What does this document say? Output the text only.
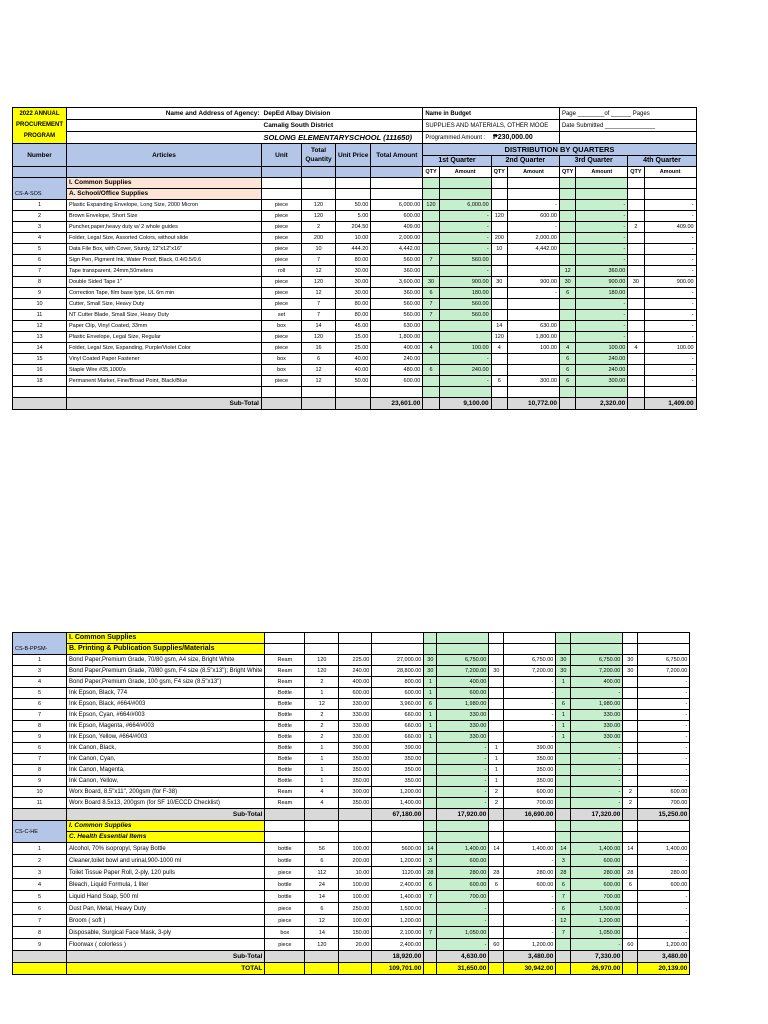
2022 ANNUAL
PROCUREMENT
PROGRAM	Name and Address of Agency:	DepEd Albay Division				Name in Budget				Page ________of ______ Pages			
		Camalig South District				SUPPLIES AND MATERIALS, OTHER MOOE				Date Submitted _______________			
		SOLONG ELEMENTARYSCHOOL (111650)				Programmed Amount : ₱230,000.00							
Number	Articles	Unit	Total Quantity	Unit Price	Total Amount	DISTRIBUTION BY QUARTERS							
						1st Quarter		2nd Quarter		3rd Quarter		4th Quarter	
						QTY	Amount	QTY	Amount	QTY	Amount	QTY	Amount
CS-A-SOS	I. Common Supplies												
	A. School/Office Supplies												
1	Plastic Expanding Envelope, Long Size, 2000 Micron	piece	120	50.00	6,000.00	120	6,000.00		-		-		-
2	Brown Envelope, Short Size	piece	120	5.00	600.00		-	120	600.00		-		-
3	Puncher,paper,heavy duty w/ 2 whole guides	piece	2	204.50	409.00		-		-		-	2	409.00
4	Folder, Legal Size, Assorted Colors, without slide	piece	200	10.00	2,000.00		-	200	2,000.00		-		-
5	Data File Box, with Cover, Sturdy, 12"x12"x16"	piece	10	444.20	4,442.00		-	10	4,442.00		-		-
6	Sign Pen, Pigment Ink, Water Proof, Black, 0.4/0.5/0.6	piece	7	80.00	560.00	7	560.00				-		-
7	Tape transparent, 24mm,50meters	roll	12	30.00	360.00		-			12	360.00		-
8	Double Sided Tape 1"	piece	120	30.00	3,600.00	30	900.00	30	900.00	30	900.00	30	900.00
9	Correction Tape, film base type, UL 6m min	piece	12	30.00	360.00	6	180.00		-	6	180.00		-
10	Cutter, Small Size, Heavy Duty	piece	7	80.00	560.00	7	560.00				-		-
11	NT Cutter Blade, Small Size, Heavy Duty	set	7	80.00	560.00	7	560.00				-		-
12	Paper Clip, Vinyl Coated, 33mm	box	14	45.00	630.00			14	630.00		-		-
13	Plastic Envelope, Legal Size, Regular	piece	120	15.00	1,800.00			120	1,800.00		-		-
14	Folder, Legal Size, Expanding, Purple/Violet Color	piece	16	25.00	400.00	4	100.00	4	100.00	4	100.00	4	100.00
15	Vinyl Coated Paper Fastener	box	6	40.00	240.00		-			6	240.00		-
16	Staple Wire #35,1000's	box	12	40.00	480.00	6	240.00			6	240.00		-
18	Permanent Marker, Fine/Broad Point, Black/Blue	piece	12	50.00	600.00		-	6	300.00	6	300.00		-

	Sub-Total				23,601.00		9,100.00		10,772.00		2,320.00		1,409.00
CS-B-PPSM-	I. Common Supplies												
	B. Printing & Publication Supplies/Materials												
1	Bond Paper,Premium Grade, 70/80 gsm, A4 size, Bright White	Ream	120	225.00	27,000.00	30	6,750.00		6,750.00	30	6,750.00	30	6,750.00
3	Bond Paper,Premium Grade, 70/80 gsm, F4 size (8.5"x13"); Bright White	Ream	120	240.00	28,800.00	30	7,200.00	30	7,200.00	30	7,200.00	30	7,200.00
4	Bond Paper,Premium Grade, 100 gsm, F4 size (8.5"x13")	Ream	2	400.00	800.00	1	400.00		-	1	400.00		-
5	Ink Epson, Black, 774	Bottle	1	600.00	600.00	1	600.00		-		-		-
6	Ink Epson, Black, #664/#003	Bottle	12	330.00	3,960.00	6	1,980.00		-	6	1,980.00		-
7	Ink Epson, Cyan, #664/#003	Bottle	2	330.00	660.00	1	330.00		-	1	330.00		-
8	Ink Epson, Magenta, #664/#003	Bottle	2	330.00	660.00	1	330.00		-	1	330.00		-
9	Ink Epson, Yellow, #664/#003	Bottle	2	330.00	660.00	1	330.00		-	1	330.00		-
6	Ink Canon, Black,	Bottle	1	390.00	390.00		-	1	390.00		-		-
7	Ink Canon, Cyan,	Bottle	1	350.00	350.00		-	1	350.00		-		-
8	Ink Canon, Magenta,	Bottle	1	350.00	350.00		-	1	350.00		-		-
9	Ink Canon, Yellow,	Bottle	1	350.00	350.00		-	1	350.00		-		-
10	Worx Board, 8.5"x11", 200gsm (for F-38)	Ream	4	300.00	1,200.00		-	2	600.00		-	2	600.00
11	Worx Board 8.5x13, 200gsm (for SF 10/ECCD Checklist)	Ream	4	350.00	1,400.00		-	2	700.00		-	2	700.00
	Sub-Total				67,180.00		17,920.00		16,690.00		17,320.00		15,250.00
CS-C-HE	I. Common Supplies												
	C. Health Essential Items												
1	Alcohol, 70% isopropyl, Spray Bottle	bottle	56	100.00	5600.00	14	1,400.00	14	1,400.00	14	1,400.00	14	1,400.00
2	Cleaner,toilet bowl and urinal,900-1000 ml	bottle	6	200.00	1,200.00	3	600.00		-	3	600.00		-
3	Toilet Tissue Paper Roll, 2-ply, 120 pulls	piece	112	10.00	1120.00	28	280.00	28	280.00	28	280.00	28	280.00
4	Bleach, Liquid Formula, 1 liter	bottle	24	100.00	2,400.00	6	600.00	6	600.00	6	600.00	6	600.00
5	Liquid Hand Soap, 500 ml	bottle	14	100.00	1,400.00	7	700.00		-	7	700.00		-
6	Dust Pan, Metal, Heavy Duty	piece	6	250.00	1,500.00		-		-	6	1,500.00		-
7	Broom ( soft )	piece	12	100.00	1,200.00		-		-	12	1,200.00		-
8	Disposable, Surgical Face Mask, 3-ply	box	14	150.00	2,100.00	7	1,050.00		-	7	1,050.00		-
9	Floorwax ( colorless )	piece	120	20.00	2,400.00		-	60	1,200.00		-	60	1,200.00
	Sub-Total				18,920.00		4,630.00		3,480.00		7,330.00		3,480.00
	TOTAL				109,701.00		31,650.00		30,942.00		26,970.00		20,139.00
